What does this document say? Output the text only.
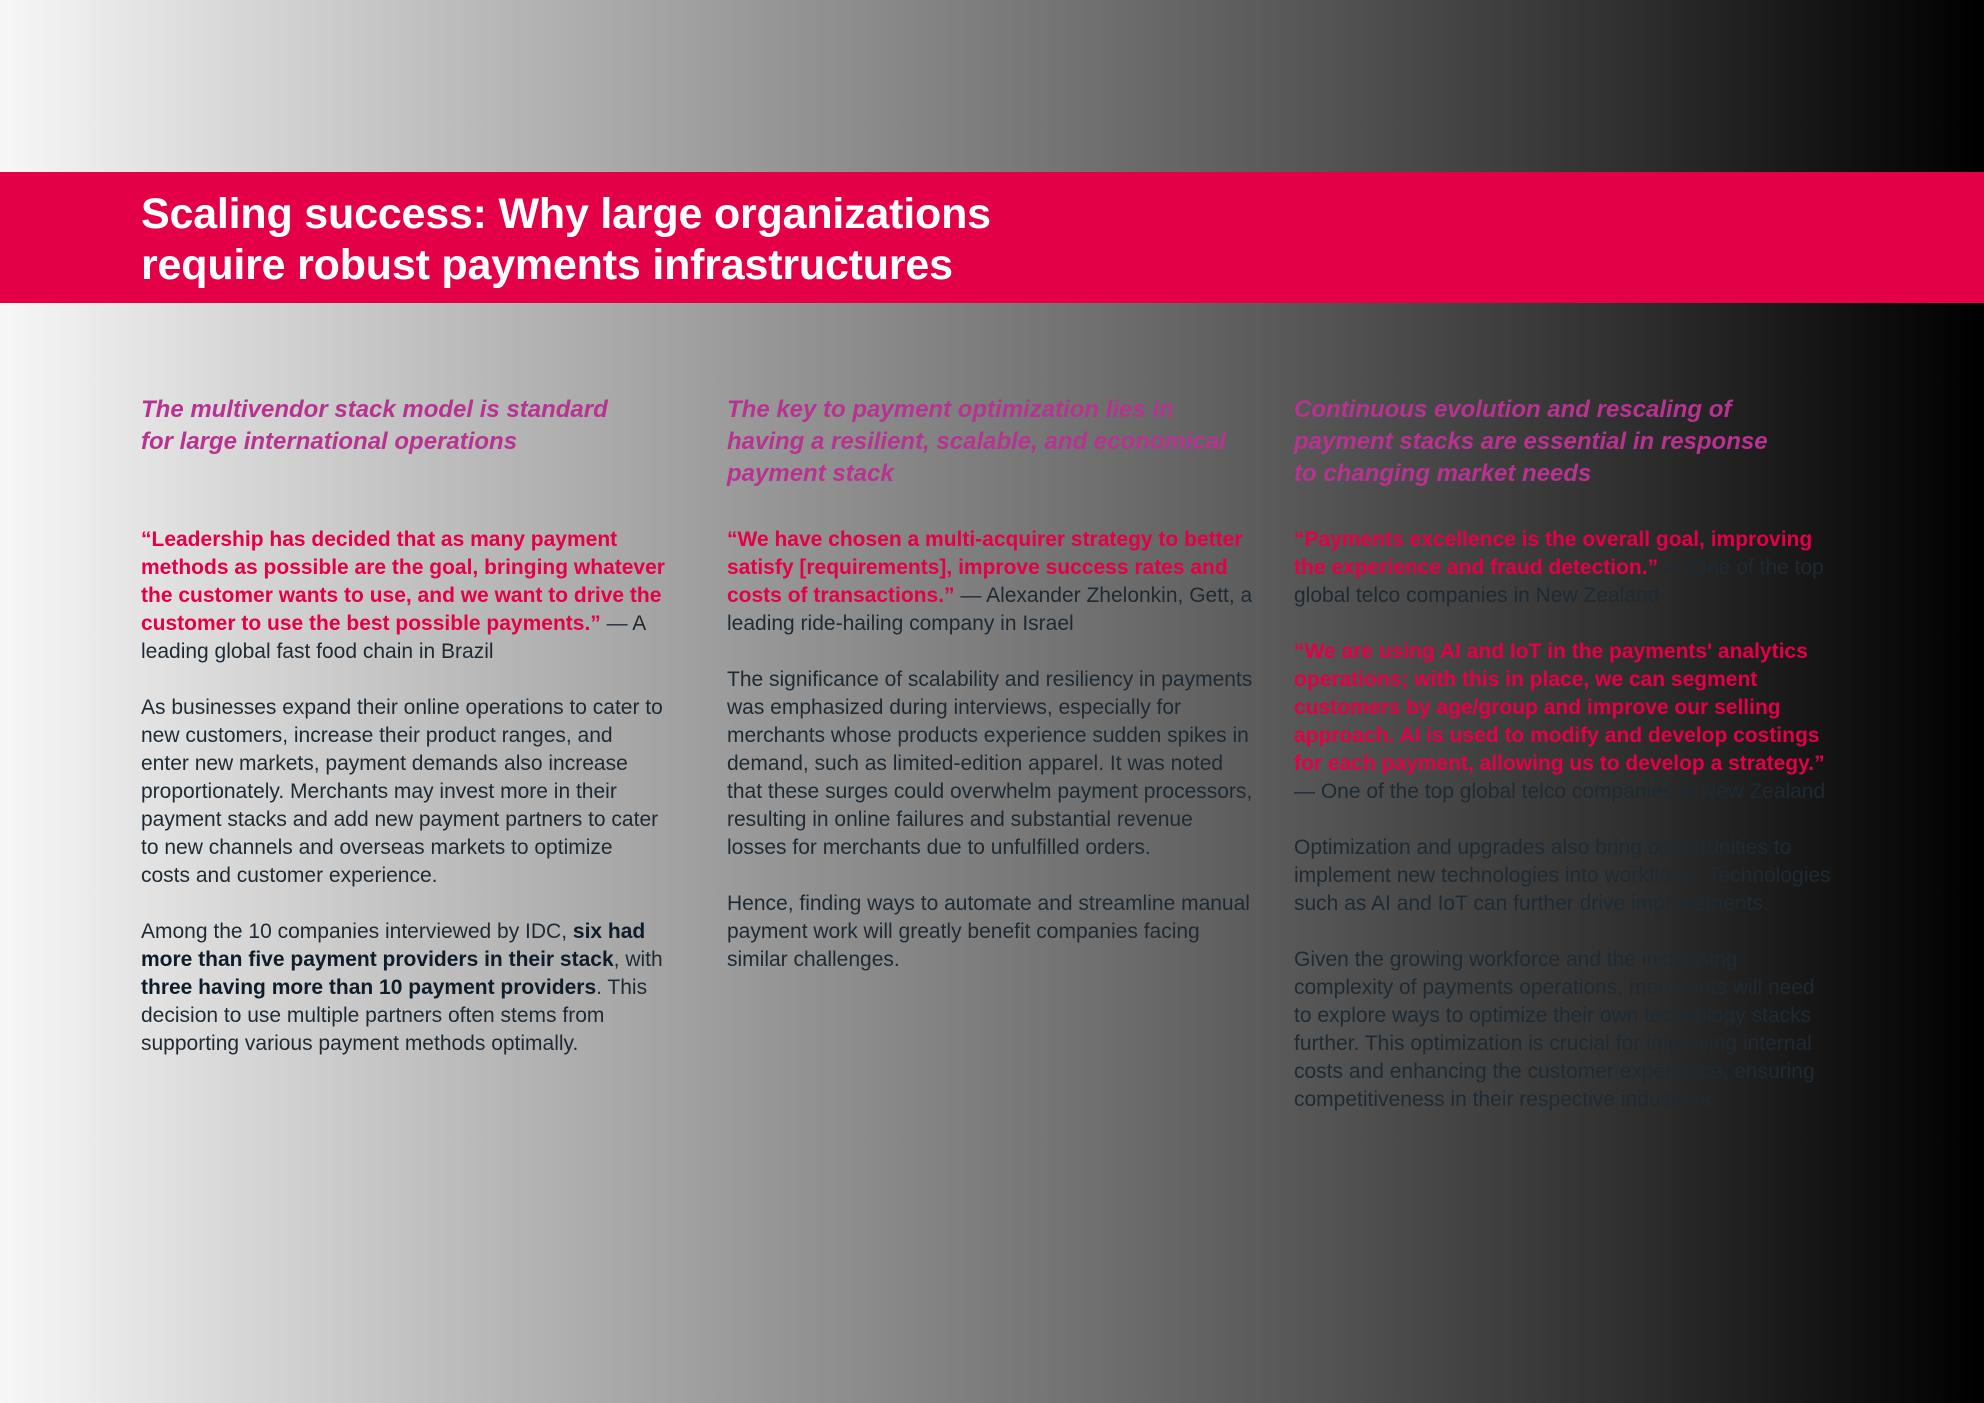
Scaling success: Why large organizations
require robust payments infrastructures
The multivendor stack model is standard
for large international operations

“Leadership has decided that as many payment methods as possible are the goal, bringing whatever the customer wants to use, and we want to drive the customer to use the best possible payments.” — A leading global fast food chain in Brazil

As businesses expand their online operations to cater to new customers, increase their product ranges, and enter new markets, payment demands also increase proportionately. Merchants may invest more in their payment stacks and add new payment partners to cater to new channels and overseas markets to optimize costs and customer experience.

Among the 10 companies interviewed by IDC, six had more than five payment providers in their stack, with three having more than 10 payment providers. This decision to use multiple partners often stems from supporting various payment methods optimally.

The key to payment optimization lies in
having a resilient, scalable, and economical
payment stack

“We have chosen a multi-acquirer strategy to better satisfy [requirements], improve success rates and costs of transactions.” — Alexander Zhelonkin, Gett, a leading ride-hailing company in Israel

The significance of scalability and resiliency in payments was emphasized during interviews, especially for merchants whose products experience sudden spikes in demand, such as limited-edition apparel. It was noted that these surges could overwhelm payment processors, resulting in online failures and substantial revenue losses for merchants due to unfulfilled orders.

Hence, finding ways to automate and streamline manual payment work will greatly benefit companies facing similar challenges.

Continuous evolution and rescaling of
payment stacks are essential in response
to changing market needs

“Payments excellence is the overall goal, improving the experience and fraud detection.” — One of the top global telco companies in New Zealand

“We are using AI and IoT in the payments' analytics operations; with this in place, we can segment customers by age/group and improve our selling approach. AI is used to modify and develop costings for each payment, allowing us to develop a strategy.” — One of the top global telco companies in New Zealand

Optimization and upgrades also bring opportunities to implement new technologies into workflows. Technologies such as AI and IoT can further drive improvements.

Given the growing workforce and the increasing complexity of payments operations, merchants will need to explore ways to optimize their own technology stacks further. This optimization is crucial for improving internal costs and enhancing the customer experience, ensuring competitiveness in their respective industries.
